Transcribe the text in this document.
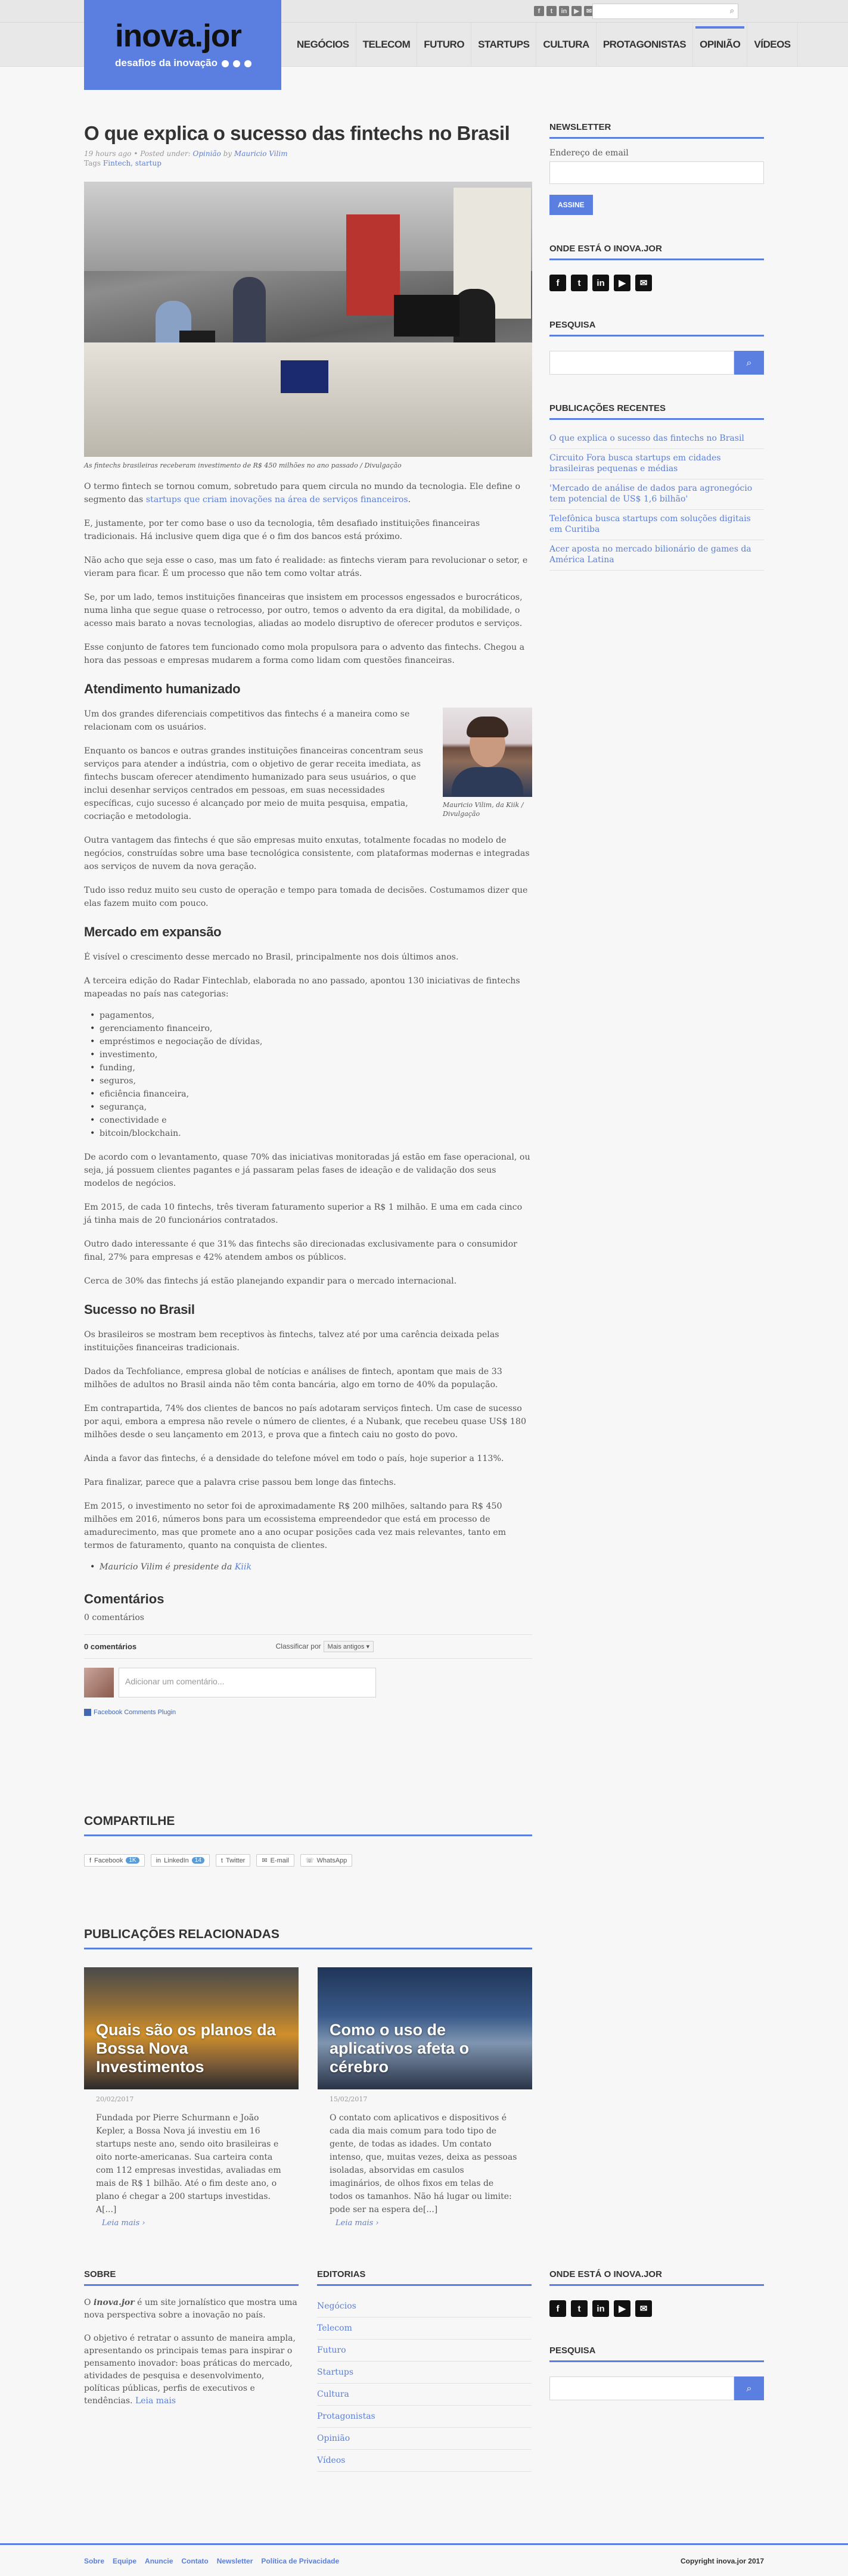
f	t	in	▶	✉	⌕
inova.jor
desafios da inovação
NEGÓCIOS	TELECOM	FUTURO	STARTUPS	CULTURA	PROTAGONISTAS	OPINIÃO	VÍDEOS
O que explica o sucesso das fintechs no Brasil
19 hours ago • Posted under: Opinião by Mauricio Vilim
Tags Fintech, startup
As fintechs brasileiras receberam investimento de R$ 450 milhões no ano passado / Divulgação

O termo fintech se tornou comum, sobretudo para quem circula no mundo da tecnologia. Ele define o segmento das startups que criam inovações na área de serviços financeiros.

E, justamente, por ter como base o uso da tecnologia, têm desafiado instituições financeiras tradicionais. Há inclusive quem diga que é o fim dos bancos está próximo.

Não acho que seja esse o caso, mas um fato é realidade: as fintechs vieram para revolucionar o setor, e vieram para ficar. É um processo que não tem como voltar atrás.

Se, por um lado, temos instituições financeiras que insistem em processos engessados e burocráticos, numa linha que segue quase o retrocesso, por outro, temos o advento da era digital, da mobilidade, o acesso mais barato a novas tecnologias, aliadas ao modelo disruptivo de oferecer produtos e serviços.

Esse conjunto de fatores tem funcionado como mola propulsora para o advento das fintechs. Chegou a hora das pessoas e empresas mudarem a forma como lidam com questões financeiras.

Atendimento humanizado
Mauricio Vilim, da Kiik / Divulgação

Um dos grandes diferenciais competitivos das fintechs é a maneira como se relacionam com os usuários.

Enquanto os bancos e outras grandes instituições financeiras concentram seus serviços para atender a indústria, com o objetivo de gerar receita imediata, as fintechs buscam oferecer atendimento humanizado para seus usuários, o que inclui desenhar serviços centrados em pessoas, em suas necessidades específicas, cujo sucesso é alcançado por meio de muita pesquisa, empatia, cocriação e metodologia.

Outra vantagem das fintechs é que são empresas muito enxutas, totalmente focadas no modelo de negócios, construídas sobre uma base tecnológica consistente, com plataformas modernas e integradas aos serviços de nuvem da nova geração.

Tudo isso reduz muito seu custo de operação e tempo para tomada de decisões. Costumamos dizer que elas fazem muito com pouco.

Mercado em expansão

É visível o crescimento desse mercado no Brasil, principalmente nos dois últimos anos.

A terceira edição do Radar Fintechlab, elaborada no ano passado, apontou 130 iniciativas de fintechs mapeadas no país nas categorias:

• pagamentos,
• gerenciamento financeiro,
• empréstimos e negociação de dívidas,
• investimento,
• funding,
• seguros,
• eficiência financeira,
• segurança,
• conectividade e
• bitcoin/blockchain.

De acordo com o levantamento, quase 70% das iniciativas monitoradas já estão em fase operacional, ou seja, já possuem clientes pagantes e já passaram pelas fases de ideação e de validação dos seus modelos de negócios.

Em 2015, de cada 10 fintechs, três tiveram faturamento superior a R$ 1 milhão. E uma em cada cinco já tinha mais de 20 funcionários contratados.

Outro dado interessante é que 31% das fintechs são direcionadas exclusivamente para o consumidor final, 27% para empresas e 42% atendem ambos os públicos.

Cerca de 30% das fintechs já estão planejando expandir para o mercado internacional.

Sucesso no Brasil

Os brasileiros se mostram bem receptivos às fintechs, talvez até por uma carência deixada pelas instituições financeiras tradicionais.

Dados da Techfoliance, empresa global de notícias e análises de fintech, apontam que mais de 33 milhões de adultos no Brasil ainda não têm conta bancária, algo em torno de 40% da população.

Em contrapartida, 74% dos clientes de bancos no país adotaram serviços fintech. Um case de sucesso por aqui, embora a empresa não revele o número de clientes, é a Nubank, que recebeu quase US$ 180 milhões desde o seu lançamento em 2013, e prova que a fintech caiu no gosto do povo.

Ainda a favor das fintechs, é a densidade do telefone móvel em todo o país, hoje superior a 113%.

Para finalizar, parece que a palavra crise passou bem longe das fintechs.

Em 2015, o investimento no setor foi de aproximadamente R$ 200 milhões, saltando para R$ 450 milhões em 2016, números bons para um ecossistema empreendedor que está em processo de amadurecimento, mas que promete ano a ano ocupar posições cada vez mais relevantes, tanto em termos de faturamento, quanto na conquista de clientes.

• Mauricio Vilim é presidente da Kiik
Comentários
0 comentários
0 comentários	Classificar por Mais antigos ▾
Adicionar um comentário...
Facebook Comments Plugin
COMPARTILHE
f Facebook	1K	in LinkedIn	14	t Twitter	✉ E-mail	☏ WhatsApp
PUBLICAÇÕES RELACIONADAS
Quais são os planos da Bossa Nova Investimentos
20/02/2017
Fundada por Pierre Schurmann e João Kepler, a Bossa Nova já investiu em 16 startups neste ano, sendo oito brasileiras e oito norte-americanas. Sua carteira conta com 112 empresas investidas, avaliadas em mais de R$ 1 bilhão. Até o fim deste ano, o plano é chegar a 200 startups investidas. A[...]
Leia mais ›
Como o uso de aplicativos afeta o cérebro
15/02/2017
O contato com aplicativos e dispositivos é cada dia mais comum para todo tipo de gente, de todas as idades. Um contato intenso, que, muitas vezes, deixa as pessoas isoladas, absorvidas em casulos imaginários, de olhos fixos em telas de todos os tamanhos. Não há lugar ou limite: pode ser na espera de[...]
Leia mais ›
NEWSLETTER
Endereço de email
ASSINE
ONDE ESTÁ O INOVA.JOR
f	t	in	▶	✉
PESQUISA
⌕
PUBLICAÇÕES RECENTES
O que explica o sucesso das fintechs no Brasil
Circuito Fora busca startups em cidades brasileiras pequenas e médias
'Mercado de análise de dados para agronegócio tem potencial de US$ 1,6 bilhão'
Telefônica busca startups com soluções digitais em Curitiba
Acer aposta no mercado bilionário de games da América Latina
SOBRE

O inova.jor é um site jornalístico que mostra uma nova perspectiva sobre a inovação no país.

O objetivo é retratar o assunto de maneira ampla, apresentando os principais temas para inspirar o pensamento inovador: boas práticas do mercado, atividades de pesquisa e desenvolvimento, políticas públicas, perfis de executivos e tendências. Leia mais

EDITORIAS
Negócios
Telecom
Futuro
Startups
Cultura
Protagonistas
Opinião
Vídeos
ONDE ESTÁ O INOVA.JOR
f	t	in	▶	✉
PESQUISA
⌕
Sobre Equipe Anuncie Contato Newsletter Política de Privacidade	Copyright inova.jor 2017
